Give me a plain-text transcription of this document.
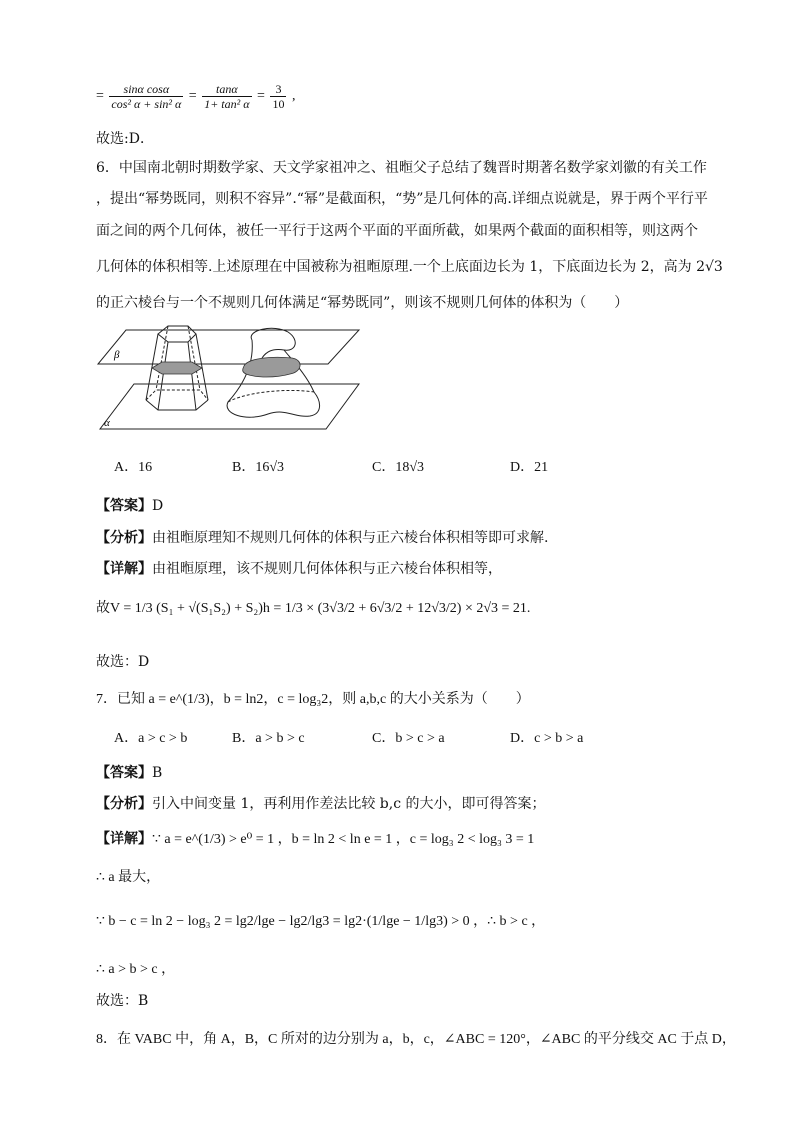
= $\frac{\text{sinα cosα}}{\text{cos² α + sin² α}} = \frac{\tan\alpha}{\text{1+ tan² α}} = \frac{3}{10}$ ,
故选:D．
6．中国南北朝时期数学家、天文学家祖冲之、祖暅父子总结了魏晋时期著名数学家刘徽的有关工作
，提出“幂势既同，则积不容异”.“幂”是截面积，“势”是几何体的高.详细点说就是，界于两个平行平
面之间的两个几何体，被任一平行于这两个平面的平面所截，如果两个截面的面积相等，则这两个
几何体的体积相等.上述原理在中国被称为祖暅原理.一个上底面边长为 1，下底面边长为 2，高为 2√3
的正六棱台与一个不规则几何体满足“幂势既同”，则该不规则几何体的体积为（　　）
β
α
A．16	B．16√3	C．18√3	D．21
【答案】D
【分析】由祖暅原理知不规则几何体的体积与正六棱台体积相等即可求解.
【详解】由祖暅原理，该不规则几何体体积与正六棱台体积相等，
故V = 1/3 (S₁ + √(S₁S₂) + S₂)h = 1/3 × (3√3/2 + 6√3/2 + 12√3/2) × 2√3 = 21.
故选：D
7．已知 a = e^(1/3)，b = ln2，c = log₃2，则 a,b,c 的大小关系为（　　）
A．a > c > b	B．a > b > c	C．b > c > a	D．c > b > a
【答案】B
【分析】引入中间变量 1，再利用作差法比较 b,c 的大小，即可得答案；
【详解】∵ a = e^(1/3) > e⁰ = 1 ，b = ln 2 < ln e = 1 ，c = log₃ 2 < log₃ 3 = 1
∴ a 最大，
∵ b − c = ln 2 − log₃ 2 = lg2/lge − lg2/lg3 = lg2·(1/lge − 1/lg3) > 0 ，∴ b > c ，
∴ a > b > c ，
故选：B
8．在 VABC 中，角 A，B，C 所对的边分别为 a，b，c，∠ABC = 120°，∠ABC 的平分线交 AC 于点 D，
